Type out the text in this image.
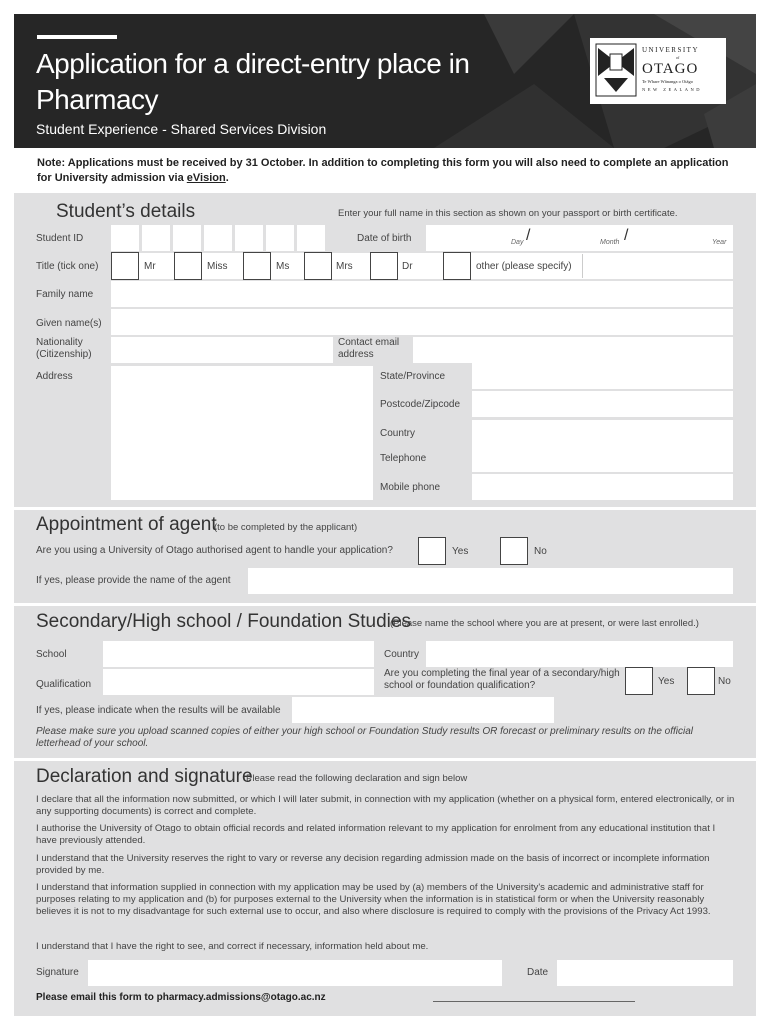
Application for a direct-entry place in Pharmacy
Student Experience - Shared Services Division
UNIVERSITY
of
OTAGO
Te Whare Wānanga o Otāgo
NEW ZEALAND
Note: Applications must be received by 31 October. In addition to completing this form you will also need to complete an application for University admission via eVision.
Student’s details	Enter your full name in this section as shown on your passport or birth certificate.
Student ID	Date of birth	Day /	Month /	Year
Title (tick one)	Mr	Miss	Ms	Mrs	Dr	other (please specify)
Family name
Given name(s)
Nationality (Citizenship)
Contact email address
Address	State/Province
Postcode/Zipcode
Country
Telephone
Mobile phone
Appointment of agent
(to be completed by the applicant)
Are you using a University of Otago authorised agent to handle your application?	Yes	No
If yes, please provide the name of the agent
Secondary/High school / Foundation Studies
(Please name the school where you are at present, or were last enrolled.)
School	Country
Qualification
Are you completing the final year of a secondary/high school or foundation qualification?	Yes	No
If yes, please indicate when the results will be available
Please make sure you upload scanned copies of either your high school or Foundation Study results OR forecast or preliminary results on the official letterhead of your school.
Declaration and signature
Please read the following declaration and sign below
I declare that all the information now submitted, or which I will later submit, in connection with my application (whether on a physical form, entered electronically, or in any supporting documents) is correct and complete.
I authorise the University of Otago to obtain official records and related information relevant to my application for enrolment from any educational institution that I have previously attended.
I understand that the University reserves the right to vary or reverse any decision regarding admission made on the basis of incorrect or incomplete information provided by me.
I understand that information supplied in connection with my application may be used by (a) members of the University's academic and administrative staff for purposes relating to my application and (b) for purposes external to the University when the information is in statistical form or when the University reasonably believes it is not to my disadvantage for such external use to occur, and also where disclosure is required to comply with the provisions of the Privacy Act 1993.
I understand that I have the right to see, and correct if necessary, information held about me.
Signature	Date
Please email this form to pharmacy.admissions@otago.ac.nz
